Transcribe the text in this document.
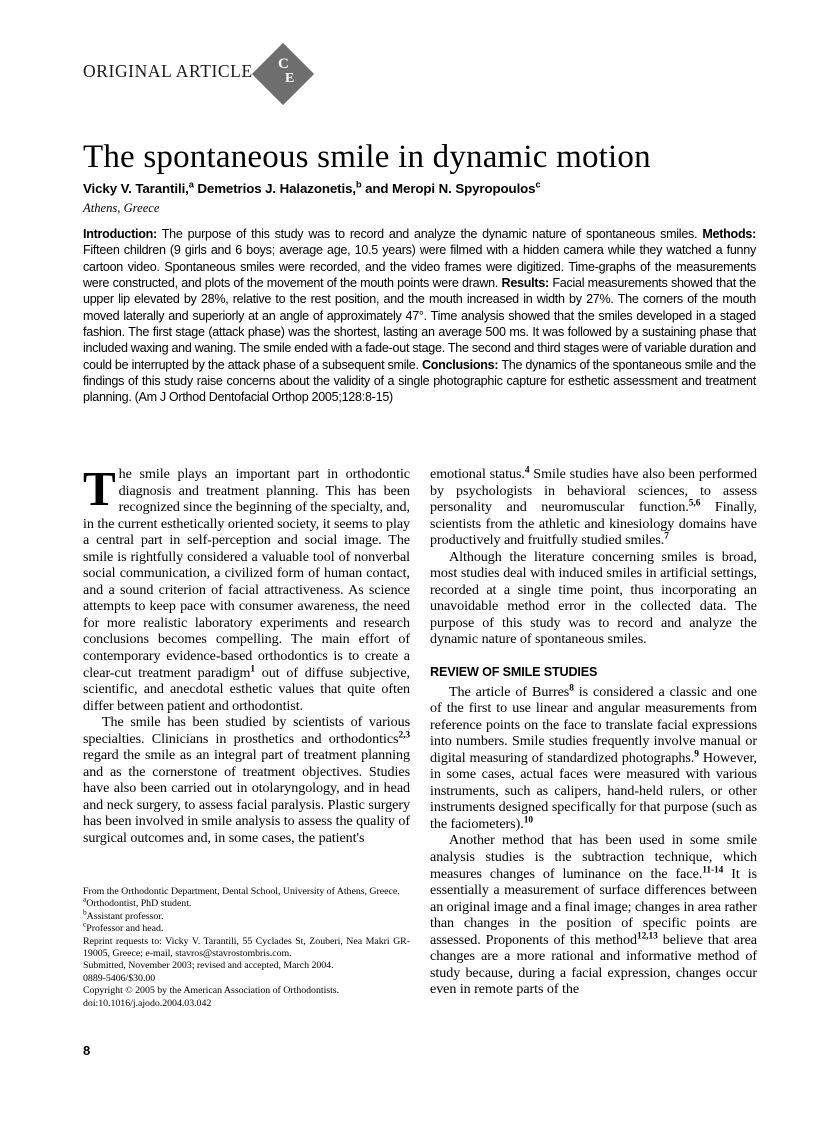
ORIGINAL ARTICLE C
E
The spontaneous smile in dynamic motion
Vicky V. Tarantili,$^a$ Demetrios J. Halazonetis,$^b$ and Meropi N. Spyropoulos$^c$
Athens, Greece
Introduction: The purpose of this study was to record and analyze the dynamic nature of spontaneous smiles. Methods: Fifteen children (9 girls and 6 boys; average age, 10.5 years) were filmed with a hidden camera while they watched a funny cartoon video. Spontaneous smiles were recorded, and the video frames were digitized. Time-graphs of the measurements were constructed, and plots of the movement of the mouth points were drawn. Results: Facial measurements showed that the upper lip elevated by 28%, relative to the rest position, and the mouth increased in width by 27%. The corners of the mouth moved laterally and superiorly at an angle of approximately 47°. Time analysis showed that the smiles developed in a staged fashion. The first stage (attack phase) was the shortest, lasting an average 500 ms. It was followed by a sustaining phase that included waxing and waning. The smile ended with a fade-out stage. The second and third stages were of variable duration and could be interrupted by the attack phase of a subsequent smile. Conclusions: The dynamics of the spontaneous smile and the findings of this study raise concerns about the validity of a single photographic capture for esthetic assessment and treatment planning. (Am J Orthod Dentofacial Orthop 2005;128:8-15)

The smile plays an important part in orthodontic diagnosis and treatment planning. This has been recognized since the beginning of the specialty, and, in the current esthetically oriented society, it seems to play a central part in self-perception and social image. The smile is rightfully considered a valuable tool of nonverbal social communication, a civilized form of human contact, and a sound criterion of facial attractiveness. As science attempts to keep pace with consumer awareness, the need for more realistic laboratory experiments and research conclusions becomes compelling. The main effort of contemporary evidence-based orthodontics is to create a clear-cut treatment paradigm$^1$ out of diffuse subjective, scientific, and anecdotal esthetic values that quite often differ between patient and orthodontist.

The smile has been studied by scientists of various specialties. Clinicians in prosthetics and orthodontics$^{2,3}$ regard the smile as an integral part of treatment planning and as the cornerstone of treatment objectives. Studies have also been carried out in otolaryngology, and in head and neck surgery, to assess facial paralysis. Plastic surgery has been involved in smile analysis to assess the quality of surgical outcomes and, in some cases, the patient's

emotional status.$^4$ Smile studies have also been performed by psychologists in behavioral sciences, to assess personality and neuromuscular function.$^{5,6}$ Finally, scientists from the athletic and kinesiology domains have productively and fruitfully studied smiles.$^7$

Although the literature concerning smiles is broad, most studies deal with induced smiles in artificial settings, recorded at a single time point, thus incorporating an unavoidable method error in the collected data. The purpose of this study was to record and analyze the dynamic nature of spontaneous smiles.

REVIEW OF SMILE STUDIES

The article of Burres$^8$ is considered a classic and one of the first to use linear and angular measurements from reference points on the face to translate facial expressions into numbers. Smile studies frequently involve manual or digital measuring of standardized photographs.$^9$ However, in some cases, actual faces were measured with various instruments, such as calipers, hand-held rulers, or other instruments designed specifically for that purpose (such as the faciometers).$^{10}$

Another method that has been used in some smile analysis studies is the subtraction technique, which measures changes of luminance on the face.$^{11-14}$ It is essentially a measurement of surface differences between an original image and a final image; changes in area rather than changes in the position of specific points are assessed. Proponents of this method$^{12,13}$ believe that area changes are a more rational and informative method of study because, during a facial expression, changes occur even in remote parts of the

From the Orthodontic Department, Dental School, University of Athens, Greece.

$^a$Orthodontist, PhD student.

$^b$Assistant professor.

$^c$Professor and head.

Reprint requests to: Vicky V. Tarantili, 55 Cyclades St, Zouberi, Nea Makri GR-19005, Greece; e-mail, stavros@stavrostombris.com.

Submitted, November 2003; revised and accepted, March 2004.

0889-5406/$30.00

Copyright © 2005 by the American Association of Orthodontists.

doi:10.1016/j.ajodo.2004.03.042

8
